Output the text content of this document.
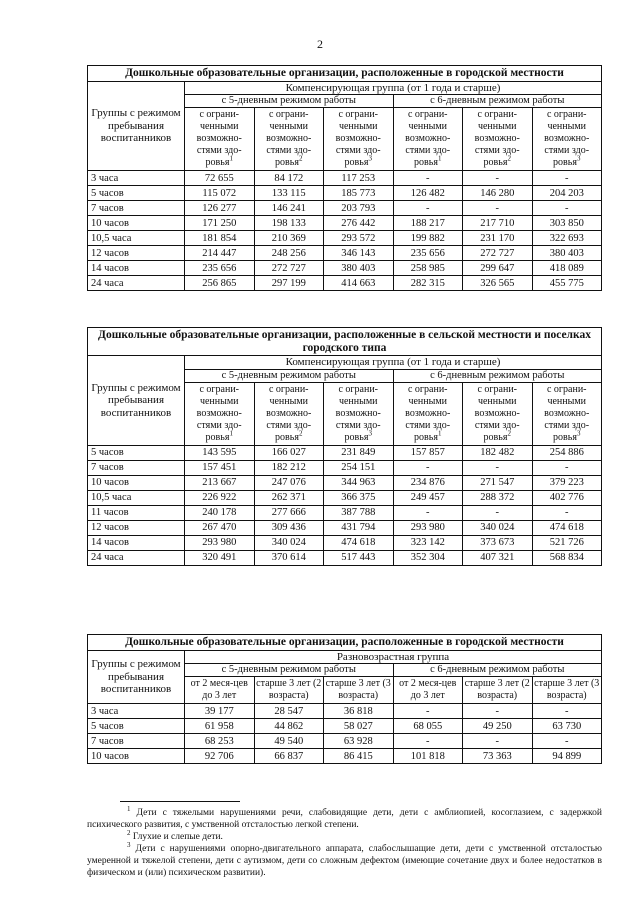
2
Дошкольные образовательные организации, расположенные в городской местности						
Группы с режимом пребывания воспитанников	Компенсирующая группа (от 1 года и старше)					
	с 5-дневным режимом работы			с 6-дневным режимом работы		
	с ограни-ченными возможно-стями здо-ровья$^1$	с ограни-ченными возможно-стями здо-ровья$^2$	с ограни-ченными возможно-стями здо-ровья$^3$	с ограни-ченными возможно-стями здо-ровья$^1$	с ограни-ченными возможно-стями здо-ровья$^2$	с ограни-ченными возможно-стями здо-ровья$^3$
3 часа	72 655	84 172	117 253	-	-	-
5 часов	115 072	133 115	185 773	126 482	146 280	204 203
7 часов	126 277	146 241	203 793	-	-	-
10 часов	171 250	198 133	276 442	188 217	217 710	303 850
10,5 часа	181 854	210 369	293 572	199 882	231 170	322 693
12 часов	214 447	248 256	346 143	235 656	272 727	380 403
14 часов	235 656	272 727	380 403	258 985	299 647	418 089
24 часа	256 865	297 199	414 663	282 315	326 565	455 775
Дошкольные образовательные организации, расположенные в сельской местности и поселках городского типа						
Группы с режимом пребывания воспитанников	Компенсирующая группа (от 1 года и старше)					
	с 5-дневным режимом работы			с 6-дневным режимом работы		
	с ограни-ченными возможно-стями здо-ровья$^1$	с ограни-ченными возможно-стями здо-ровья$^2$	с ограни-ченными возможно-стями здо-ровья$^3$	с ограни-ченными возможно-стями здо-ровья$^1$	с ограни-ченными возможно-стями здо-ровья$^2$	с ограни-ченными возможно-стями здо-ровья$^3$
5 часов	143 595	166 027	231 849	157 857	182 482	254 886
7 часов	157 451	182 212	254 151	-	-	-
10 часов	213 667	247 076	344 963	234 876	271 547	379 223
10,5 часа	226 922	262 371	366 375	249 457	288 372	402 776
11 часов	240 178	277 666	387 788	-	-	-
12 часов	267 470	309 436	431 794	293 980	340 024	474 618
14 часов	293 980	340 024	474 618	323 142	373 673	521 726
24 часа	320 491	370 614	517 443	352 304	407 321	568 834
Дошкольные образовательные организации, расположенные в городской местности						
Группы с режимом пребывания воспитанников	Разновозрастная группа					
	с 5-дневным режимом работы			с 6-дневным режимом работы		
	от 2 меся-цев до 3 лет	старше 3 лет (2 возраста)	старше 3 лет (3 возраста)	от 2 меся-цев до 3 лет	старше 3 лет (2 возраста)	старше 3 лет (3 возраста)
3 часа	39 177	28 547	36 818	-	-	-
5 часов	61 958	44 862	58 027	68 055	49 250	63 730
7 часов	68 253	49 540	63 928	-	-	-
10 часов	92 706	66 837	86 415	101 818	73 363	94 899

$^1$ Дети с тяжелыми нарушениями речи, слабовидящие дети, дети с амблиопией, косоглазием, с задержкой психического развития, с умственной отсталостью легкой степени.

$^2$ Глухие и слепые дети.

$^3$ Дети с нарушениями опорно-двигательного аппарата, слабослышащие дети, дети с умственной отсталостью умеренной и тяжелой степени, дети с аутизмом, дети со сложным дефектом (имеющие сочетание двух и более недостатков в физическом и (или) психическом развитии).
